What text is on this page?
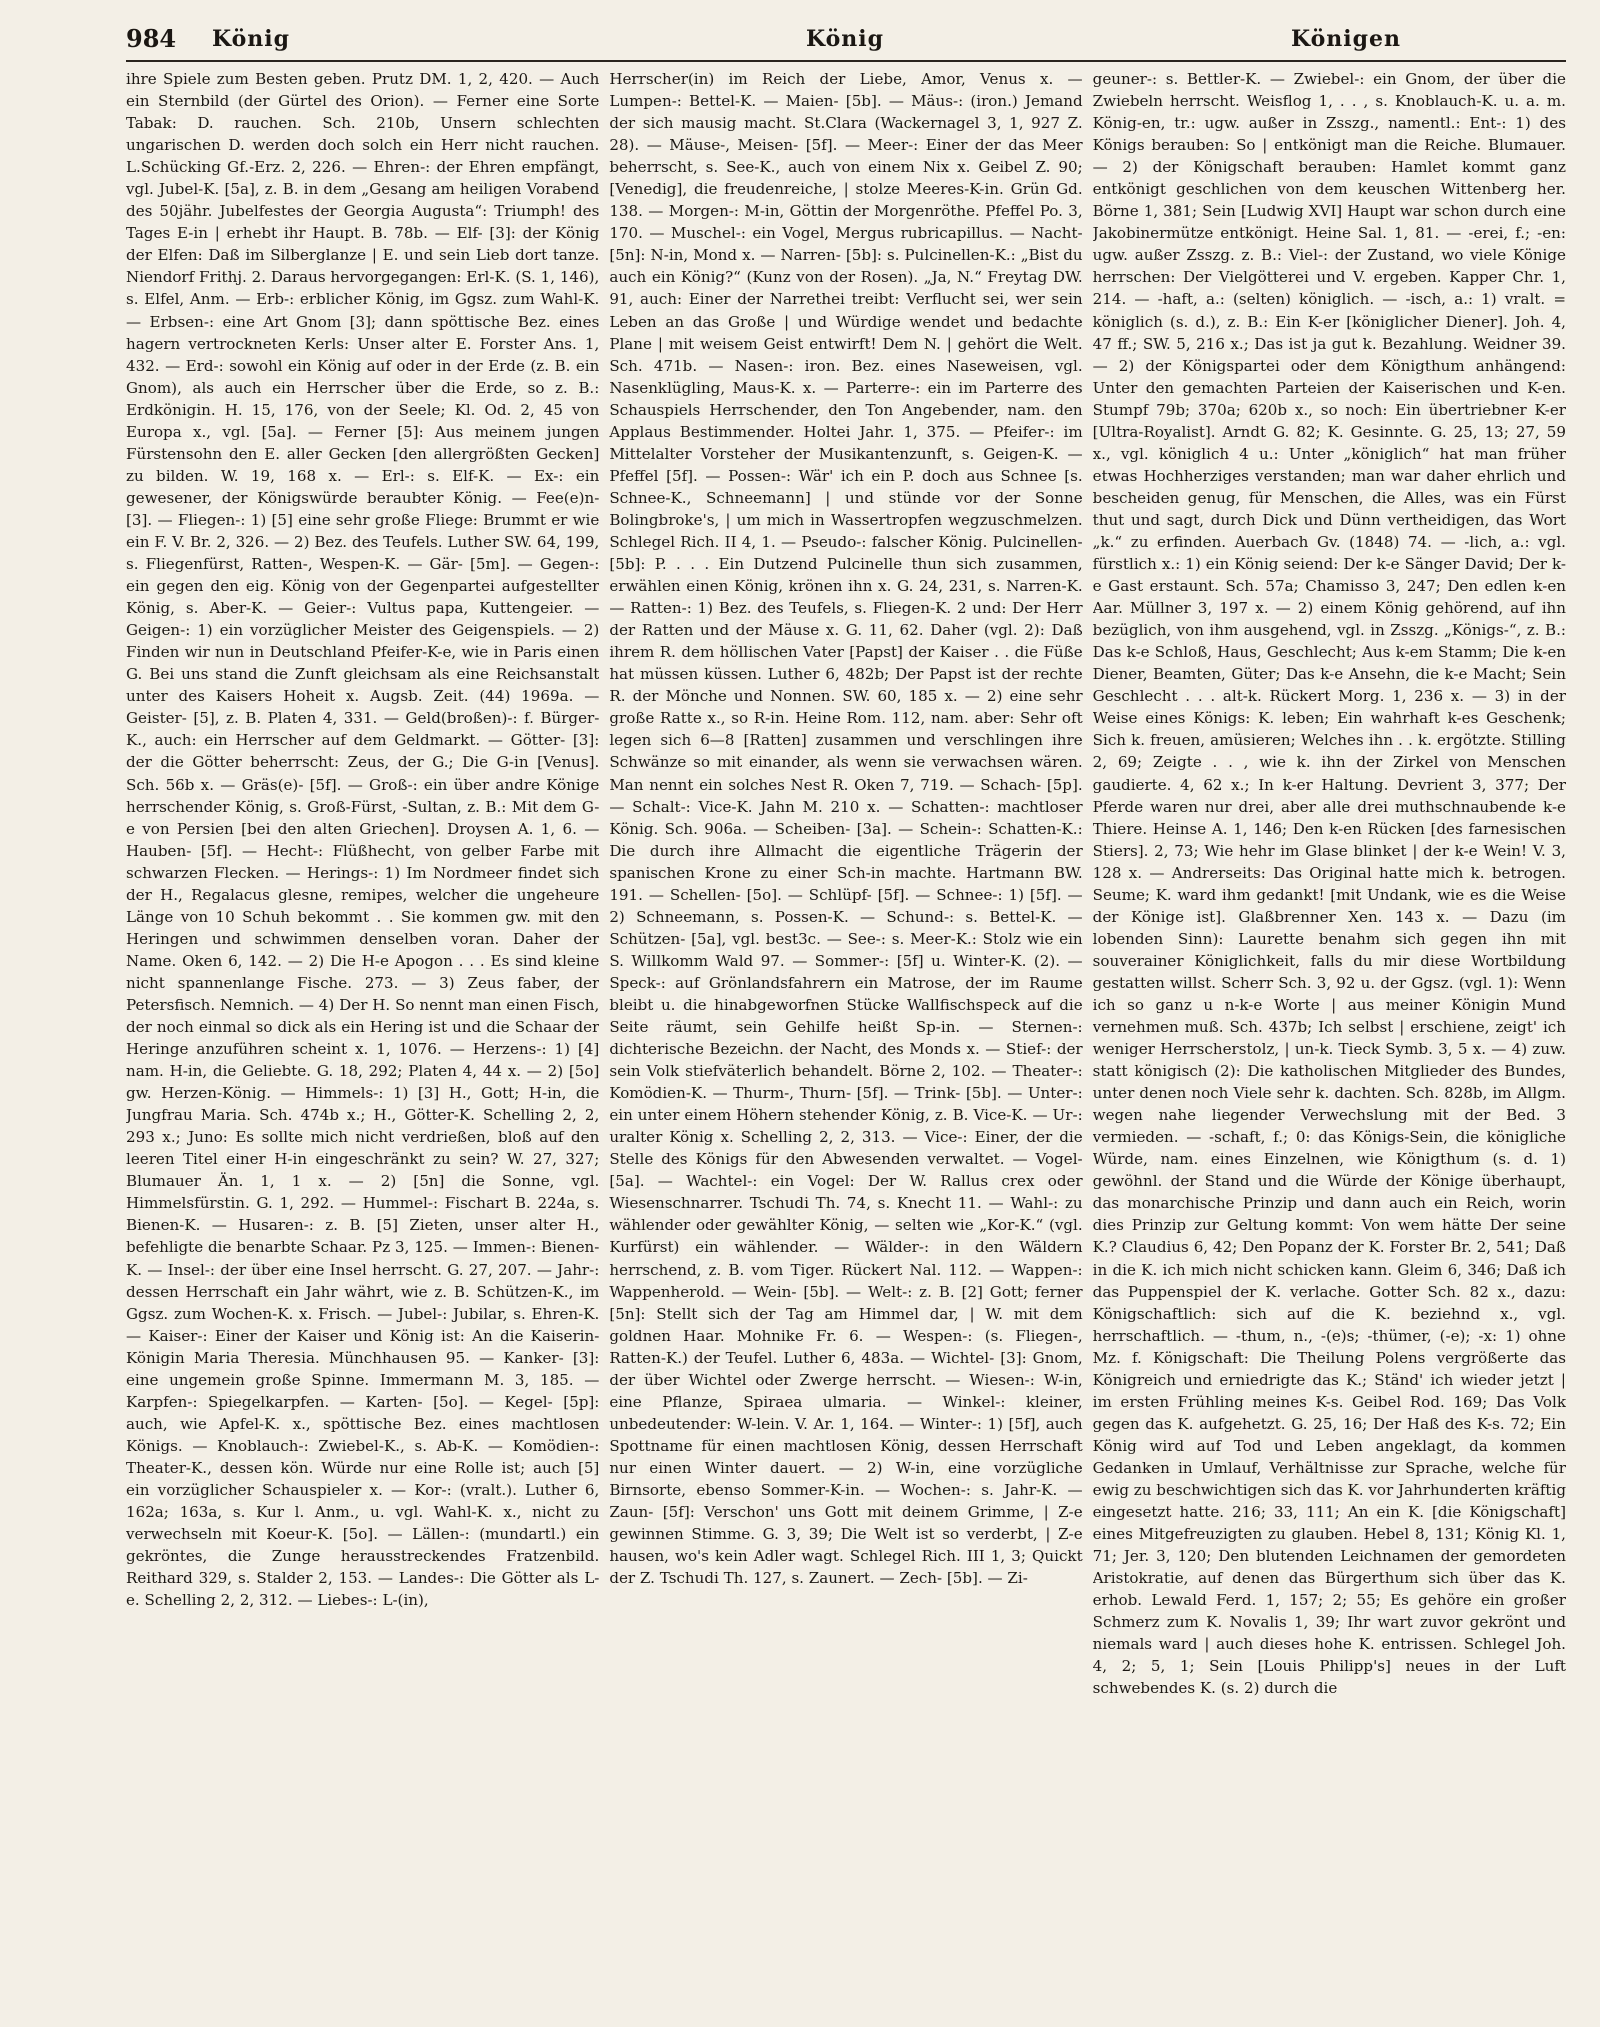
984 König	König	Königen

ihre Spiele zum Besten geben. Prutz DM. 1, 2, 420. — Auch ein Sternbild (der Gürtel des Orion). — Ferner eine Sorte Tabak: D. rauchen. Sch. 210b, Unsern schlechten ungarischen D. werden doch solch ein Herr nicht rauchen. L.Schücking Gf.-Erz. 2, 226. — Ehren-: der Ehren empfängt, vgl. Jubel-K. [5a], z. B. in dem „Gesang am heiligen Vorabend des 50jähr. Jubelfestes der Georgia Augusta“: Triumph! des Tages E-in | erhebt ihr Haupt. B. 78b. — Elf- [3]: der König der Elfen: Daß im Silberglanze | E. und sein Lieb dort tanze. Niendorf Frithj. 2. Daraus hervorgegangen: Erl-K. (S. 1, 146), s. Elfel, Anm. — Erb-: erblicher König, im Ggsz. zum Wahl-K. — Erbsen-: eine Art Gnom [3]; dann spöttische Bez. eines hagern vertrockneten Kerls: Unser alter E. Forster Ans. 1, 432. — Erd-: sowohl ein König auf oder in der Erde (z. B. ein Gnom), als auch ein Herrscher über die Erde, so z. B.: Erdkönigin. H. 15, 176, von der Seele; Kl. Od. 2, 45 von Europa x., vgl. [5a]. — Ferner [5]: Aus meinem jungen Fürstensohn den E. aller Gecken [den allergrößten Gecken] zu bilden. W. 19, 168 x. — Erl-: s. Elf-K. — Ex-: ein gewesener, der Königswürde beraubter König. — Fee(e)n- [3]. — Fliegen-: 1) [5] eine sehr große Fliege: Brummt er wie ein F. V. Br. 2, 326. — 2) Bez. des Teufels. Luther SW. 64, 199, s. Fliegenfürst, Ratten-, Wespen-K. — Gär- [5m]. — Gegen-: ein gegen den eig. König von der Gegenpartei aufgestellter König, s. Aber-K. — Geier-: Vultus papa, Kuttengeier. — Geigen-: 1) ein vorzüglicher Meister des Geigenspiels. — 2) Finden wir nun in Deutschland Pfeifer-K-e, wie in Paris einen G. Bei uns stand die Zunft gleichsam als eine Reichsanstalt unter des Kaisers Hoheit x. Augsb. Zeit. (44) 1969a. — Geister- [5], z. B. Platen 4, 331. — Geld(broßen)-: f. Bürger-K., auch: ein Herrscher auf dem Geldmarkt. — Götter- [3]: der die Götter beherrscht: Zeus, der G.; Die G-in [Venus]. Sch. 56b x. — Gräs(e)- [5f]. — Groß-: ein über andre Könige herrschender König, s. Groß-Fürst, -Sultan, z. B.: Mit dem G-e von Persien [bei den alten Griechen]. Droysen A. 1, 6. — Hauben- [5f]. — Hecht-: Flüßhecht, von gelber Farbe mit schwarzen Flecken. — Herings-: 1) Im Nordmeer findet sich der H., Regalacus glesne, remipes, welcher die ungeheure Länge von 10 Schuh bekommt . . Sie kommen gw. mit den Heringen und schwimmen denselben voran. Daher der Name. Oken 6, 142. — 2) Die H-e Apogon . . . Es sind kleine nicht spannenlange Fische. 273. — 3) Zeus faber, der Petersfisch. Nemnich. — 4) Der H. So nennt man einen Fisch, der noch einmal so dick als ein Hering ist und die Schaar der Heringe anzuführen scheint x. 1, 1076. — Herzens-: 1) [4] nam. H-in, die Geliebte. G. 18, 292; Platen 4, 44 x. — 2) [5o] gw. Herzen-König. — Himmels-: 1) [3] H., Gott; H-in, die Jungfrau Maria. Sch. 474b x.; H., Götter-K. Schelling 2, 2, 293 x.; Juno: Es sollte mich nicht verdrießen, bloß auf den leeren Titel einer H-in eingeschränkt zu sein? W. 27, 327; Blumauer Än. 1, 1 x. — 2) [5n] die Sonne, vgl. Himmelsfürstin. G. 1, 292. — Hummel-: Fischart B. 224a, s. Bienen-K. — Husaren-: z. B. [5] Zieten, unser alter H., befehligte die benarbte Schaar. Pz 3, 125. — Immen-: Bienen-K. — Insel-: der über eine Insel herrscht. G. 27, 207. — Jahr-: dessen Herrschaft ein Jahr währt, wie z. B. Schützen-K., im Ggsz. zum Wochen-K. x. Frisch. — Jubel-: Jubilar, s. Ehren-K. — Kaiser-: Einer der Kaiser und König ist: An die Kaiserin-Königin Maria Theresia. Münchhausen 95. — Kanker- [3]: eine ungemein große Spinne. Immermann M. 3, 185. — Karpfen-: Spiegelkarpfen. — Karten- [5o]. — Kegel- [5p]: auch, wie Apfel-K. x., spöttische Bez. eines machtlosen Königs. — Knoblauch-: Zwiebel-K., s. Ab-K. — Komödien-: Theater-K., dessen kön. Würde nur eine Rolle ist; auch [5] ein vorzüglicher Schauspieler x. — Kor-: (vralt.). Luther 6, 162a; 163a, s. Kur l. Anm., u. vgl. Wahl-K. x., nicht zu verwechseln mit Koeur-K. [5o]. — Lällen-: (mundartl.) ein gekröntes, die Zunge herausstreckendes Fratzenbild. Reithard 329, s. Stalder 2, 153. — Landes-: Die Götter als L-e. Schelling 2, 2, 312. — Liebes-: L-(in),

Herrscher(in) im Reich der Liebe, Amor, Venus x. — Lumpen-: Bettel-K. — Maien- [5b]. — Mäus-: (iron.) Jemand der sich mausig macht. St.Clara (Wackernagel 3, 1, 927 Z. 28). — Mäuse-, Meisen- [5f]. — Meer-: Einer der das Meer beherrscht, s. See-K., auch von einem Nix x. Geibel Z. 90; [Venedig], die freudenreiche, | stolze Meeres-K-in. Grün Gd. 138. — Morgen-: M-in, Göttin der Morgenröthe. Pfeffel Po. 3, 170. — Muschel-: ein Vogel, Mergus rubricapillus. — Nacht- [5n]: N-in, Mond x. — Narren- [5b]: s. Pulcinellen-K.: „Bist du auch ein König?“ (Kunz von der Rosen). „Ja, N.“ Freytag DW. 91, auch: Einer der Narrethei treibt: Verflucht sei, wer sein Leben an das Große | und Würdige wendet und bedachte Plane | mit weisem Geist entwirft! Dem N. | gehört die Welt. Sch. 471b. — Nasen-: iron. Bez. eines Naseweisen, vgl. Nasenklügling, Maus-K. x. — Parterre-: ein im Parterre des Schauspiels Herrschender, den Ton Angebender, nam. den Applaus Bestimmender. Holtei Jahr. 1, 375. — Pfeifer-: im Mittelalter Vorsteher der Musikantenzunft, s. Geigen-K. — Pfeffel [5f]. — Possen-: Wär' ich ein P. doch aus Schnee [s. Schnee-K., Schneemann] | und stünde vor der Sonne Bolingbroke's, | um mich in Wassertropfen wegzuschmelzen. Schlegel Rich. II 4, 1. — Pseudo-: falscher König. Pulcinellen- [5b]: P. . . . Ein Dutzend Pulcinelle thun sich zusammen, erwählen einen König, krönen ihn x. G. 24, 231, s. Narren-K. — Ratten-: 1) Bez. des Teufels, s. Fliegen-K. 2 und: Der Herr der Ratten und der Mäuse x. G. 11, 62. Daher (vgl. 2): Daß ihrem R. dem höllischen Vater [Papst] der Kaiser . . die Füße hat müssen küssen. Luther 6, 482b; Der Papst ist der rechte R. der Mönche und Nonnen. SW. 60, 185 x. — 2) eine sehr große Ratte x., so R-in. Heine Rom. 112, nam. aber: Sehr oft legen sich 6—8 [Ratten] zusammen und verschlingen ihre Schwänze so mit einander, als wenn sie verwachsen wären. Man nennt ein solches Nest R. Oken 7, 719. — Schach- [5p]. — Schalt-: Vice-K. Jahn M. 210 x. — Schatten-: machtloser König. Sch. 906a. — Scheiben- [3a]. — Schein-: Schatten-K.: Die durch ihre Allmacht die eigentliche Trägerin der spanischen Krone zu einer Sch-in machte. Hartmann BW. 191. — Schellen- [5o]. — Schlüpf- [5f]. — Schnee-: 1) [5f]. — 2) Schneemann, s. Possen-K. — Schund-: s. Bettel-K. — Schützen- [5a], vgl. best3c. — See-: s. Meer-K.: Stolz wie ein S. Willkomm Wald 97. — Sommer-: [5f] u. Winter-K. (2). — Speck-: auf Grönlandsfahrern ein Matrose, der im Raume bleibt u. die hinabgeworfnen Stücke Wallfischspeck auf die Seite räumt, sein Gehilfe heißt Sp-in. — Sternen-: dichterische Bezeichn. der Nacht, des Monds x. — Stief-: der sein Volk stiefväterlich behandelt. Börne 2, 102. — Theater-: Komödien-K. — Thurm-, Thurn- [5f]. — Trink- [5b]. — Unter-: ein unter einem Höhern stehender König, z. B. Vice-K. — Ur-: uralter König x. Schelling 2, 2, 313. — Vice-: Einer, der die Stelle des Königs für den Abwesenden verwaltet. — Vogel- [5a]. — Wachtel-: ein Vogel: Der W. Rallus crex oder Wiesenschnarrer. Tschudi Th. 74, s. Knecht 11. — Wahl-: zu wählender oder gewählter König, — selten wie „Kor-K.“ (vgl. Kurfürst) ein wählender. — Wälder-: in den Wäldern herrschend, z. B. vom Tiger. Rückert Nal. 112. — Wappen-: Wappenherold. — Wein- [5b]. — Welt-: z. B. [2] Gott; ferner [5n]: Stellt sich der Tag am Himmel dar, | W. mit dem goldnen Haar. Mohnike Fr. 6. — Wespen-: (s. Fliegen-, Ratten-K.) der Teufel. Luther 6, 483a. — Wichtel- [3]: Gnom, der über Wichtel oder Zwerge herrscht. — Wiesen-: W-in, eine Pflanze, Spiraea ulmaria. — Winkel-: kleiner, unbedeutender: W-lein. V. Ar. 1, 164. — Winter-: 1) [5f], auch Spottname für einen machtlosen König, dessen Herrschaft nur einen Winter dauert. — 2) W-in, eine vorzügliche Birnsorte, ebenso Sommer-K-in. — Wochen-: s. Jahr-K. — Zaun- [5f]: Verschon' uns Gott mit deinem Grimme, | Z-e gewinnen Stimme. G. 3, 39; Die Welt ist so verderbt, | Z-e hausen, wo's kein Adler wagt. Schlegel Rich. III 1, 3; Quickt der Z. Tschudi Th. 127, s. Zaunert. — Zech- [5b]. — Zi-

geuner-: s. Bettler-K. — Zwiebel-: ein Gnom, der über die Zwiebeln herrscht. Weisflog 1, . . , s. Knoblauch-K. u. a. m. König-en, tr.: ugw. außer in Zsszg., namentl.: Ent-: 1) des Königs berauben: So | entkönigt man die Reiche. Blumauer. — 2) der Königschaft berauben: Hamlet kommt ganz entkönigt geschlichen von dem keuschen Wittenberg her. Börne 1, 381; Sein [Ludwig XVI] Haupt war schon durch eine Jakobinermütze entkönigt. Heine Sal. 1, 81. — -erei, f.; -en: ugw. außer Zsszg. z. B.: Viel-: der Zustand, wo viele Könige herrschen: Der Vielgötterei und V. ergeben. Kapper Chr. 1, 214. — -haft, a.: (selten) königlich. — -isch, a.: 1) vralt. = königlich (s. d.), z. B.: Ein K-er [königlicher Diener]. Joh. 4, 47 ff.; SW. 5, 216 x.; Das ist ja gut k. Bezahlung. Weidner 39. — 2) der Königspartei oder dem Königthum anhängend: Unter den gemachten Parteien der Kaiserischen und K-en. Stumpf 79b; 370a; 620b x., so noch: Ein übertriebner K-er [Ultra-Royalist]. Arndt G. 82; K. Gesinnte. G. 25, 13; 27, 59 x., vgl. königlich 4 u.: Unter „königlich“ hat man früher etwas Hochherziges verstanden; man war daher ehrlich und bescheiden genug, für Menschen, die Alles, was ein Fürst thut und sagt, durch Dick und Dünn vertheidigen, das Wort „k.“ zu erfinden. Auerbach Gv. (1848) 74. — -lich, a.: vgl. fürstlich x.: 1) ein König seiend: Der k-e Sänger David; Der k-e Gast erstaunt. Sch. 57a; Chamisso 3, 247; Den edlen k-en Aar. Müllner 3, 197 x. — 2) einem König gehörend, auf ihn bezüglich, von ihm ausgehend, vgl. in Zsszg. „Königs-“, z. B.: Das k-e Schloß, Haus, Geschlecht; Aus k-em Stamm; Die k-en Diener, Beamten, Güter; Das k-e Ansehn, die k-e Macht; Sein Geschlecht . . . alt-k. Rückert Morg. 1, 236 x. — 3) in der Weise eines Königs: K. leben; Ein wahrhaft k-es Geschenk; Sich k. freuen, amüsieren; Welches ihn . . k. ergötzte. Stilling 2, 69; Zeigte . . , wie k. ihn der Zirkel von Menschen gaudierte. 4, 62 x.; In k-er Haltung. Devrient 3, 377; Der Pferde waren nur drei, aber alle drei muthschnaubende k-e Thiere. Heinse A. 1, 146; Den k-en Rücken [des farnesischen Stiers]. 2, 73; Wie hehr im Glase blinket | der k-e Wein! V. 3, 128 x. — Andrerseits: Das Original hatte mich k. betrogen. Seume; K. ward ihm gedankt! [mit Undank, wie es die Weise der Könige ist]. Glaßbrenner Xen. 143 x. — Dazu (im lobenden Sinn): Laurette benahm sich gegen ihn mit souverainer Königlichkeit, falls du mir diese Wortbildung gestatten willst. Scherr Sch. 3, 92 u. der Ggsz. (vgl. 1): Wenn ich so ganz u n-k-e Worte | aus meiner Königin Mund vernehmen muß. Sch. 437b; Ich selbst | erschiene, zeigt' ich weniger Herrscherstolz, | un-k. Tieck Symb. 3, 5 x. — 4) zuw. statt königisch (2): Die katholischen Mitglieder des Bundes, unter denen noch Viele sehr k. dachten. Sch. 828b, im Allgm. wegen nahe liegender Verwechslung mit der Bed. 3 vermieden. — -schaft, f.; 0: das Königs-Sein, die königliche Würde, nam. eines Einzelnen, wie Königthum (s. d. 1) gewöhnl. der Stand und die Würde der Könige überhaupt, das monarchische Prinzip und dann auch ein Reich, worin dies Prinzip zur Geltung kommt: Von wem hätte Der seine K.? Claudius 6, 42; Den Popanz der K. Forster Br. 2, 541; Daß in die K. ich mich nicht schicken kann. Gleim 6, 346; Daß ich das Puppenspiel der K. verlache. Gotter Sch. 82 x., dazu: Königschaftlich: sich auf die K. beziehnd x., vgl. herrschaftlich. — -thum, n., -(e)s; -thümer, (-e); -x: 1) ohne Mz. f. Königschaft: Die Theilung Polens vergrößerte das Königreich und erniedrigte das K.; Ständ' ich wieder jetzt | im ersten Frühling meines K-s. Geibel Rod. 169; Das Volk gegen das K. aufgehetzt. G. 25, 16; Der Haß des K-s. 72; Ein König wird auf Tod und Leben angeklagt, da kommen Gedanken in Umlauf, Verhältnisse zur Sprache, welche für ewig zu beschwichtigen sich das K. vor Jahrhunderten kräftig eingesetzt hatte. 216; 33, 111; An ein K. [die Königschaft] eines Mitgefreuzigten zu glauben. Hebel 8, 131; König Kl. 1, 71; Jer. 3, 120; Den blutenden Leichnamen der gemordeten Aristokratie, auf denen das Bürgerthum sich über das K. erhob. Lewald Ferd. 1, 157; 2; 55; Es gehöre ein großer Schmerz zum K. Novalis 1, 39; Ihr wart zuvor gekrönt und niemals ward | auch dieses hohe K. entrissen. Schlegel Joh. 4, 2; 5, 1; Sein [Louis Philipp's] neues in der Luft schwebendes K. (s. 2) durch die
